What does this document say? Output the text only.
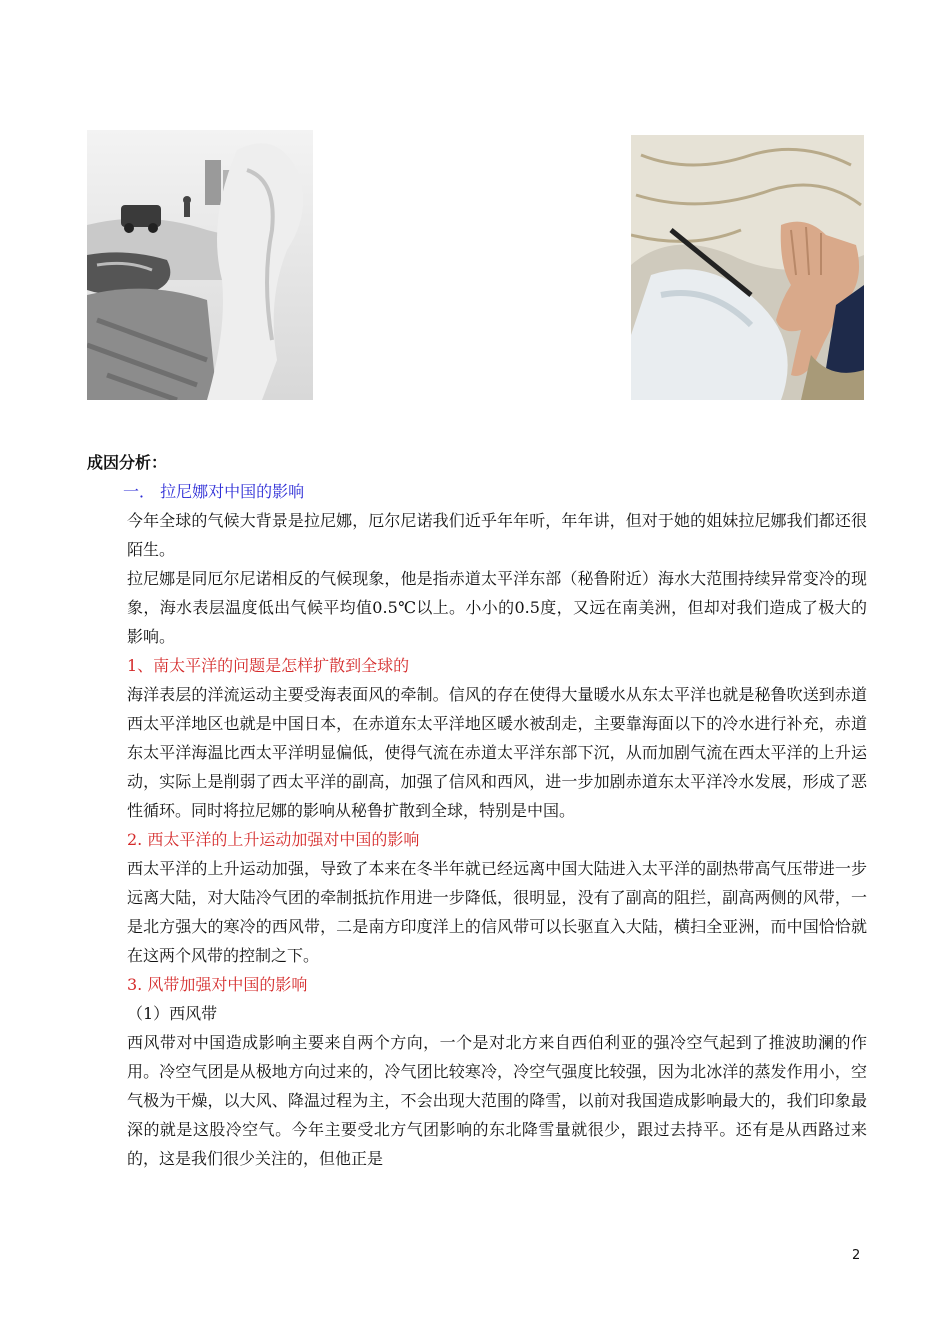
成因分析：

一． 拉尼娜对中国的影响

今年全球的气候大背景是拉尼娜，厄尔尼诺我们近乎年年听，年年讲，但对于她的姐妹拉尼娜我们都还很陌生。

拉尼娜是同厄尔尼诺相反的气候现象，他是指赤道太平洋东部（秘鲁附近）海水大范围持续异常变冷的现象，海水表层温度低出气候平均值0.5℃以上。小小的0.5度，又远在南美洲，但却对我们造成了极大的影响。

1、南太平洋的问题是怎样扩散到全球的

海洋表层的洋流运动主要受海表面风的牵制。信风的存在使得大量暖水从东太平洋也就是秘鲁吹送到赤道西太平洋地区也就是中国日本，在赤道东太平洋地区暖水被刮走，主要靠海面以下的冷水进行补充，赤道东太平洋海温比西太平洋明显偏低，使得气流在赤道太平洋东部下沉，从而加剧气流在西太平洋的上升运动，实际上是削弱了西太平洋的副高，加强了信风和西风，进一步加剧赤道东太平洋冷水发展，形成了恶性循环。同时将拉尼娜的影响从秘鲁扩散到全球，特别是中国。

2. 西太平洋的上升运动加强对中国的影响

西太平洋的上升运动加强，导致了本来在冬半年就已经远离中国大陆进入太平洋的副热带高气压带进一步远离大陆，对大陆冷气团的牵制抵抗作用进一步降低，很明显，没有了副高的阻拦，副高两侧的风带，一是北方强大的寒冷的西风带，二是南方印度洋上的信风带可以长驱直入大陆，横扫全亚洲，而中国恰恰就在这两个风带的控制之下。

3. 风带加强对中国的影响

（1）西风带

西风带对中国造成影响主要来自两个方向，一个是对北方来自西伯利亚的强冷空气起到了推波助澜的作用。冷空气团是从极地方向过来的，冷气团比较寒冷，冷空气强度比较强，因为北冰洋的蒸发作用小，空气极为干燥，以大风、降温过程为主，不会出现大范围的降雪，以前对我国造成影响最大的，我们印象最深的就是这股冷空气。今年主要受北方气团影响的东北降雪量就很少，跟过去持平。还有是从西路过来的，这是我们很少关注的，但他正是

2
